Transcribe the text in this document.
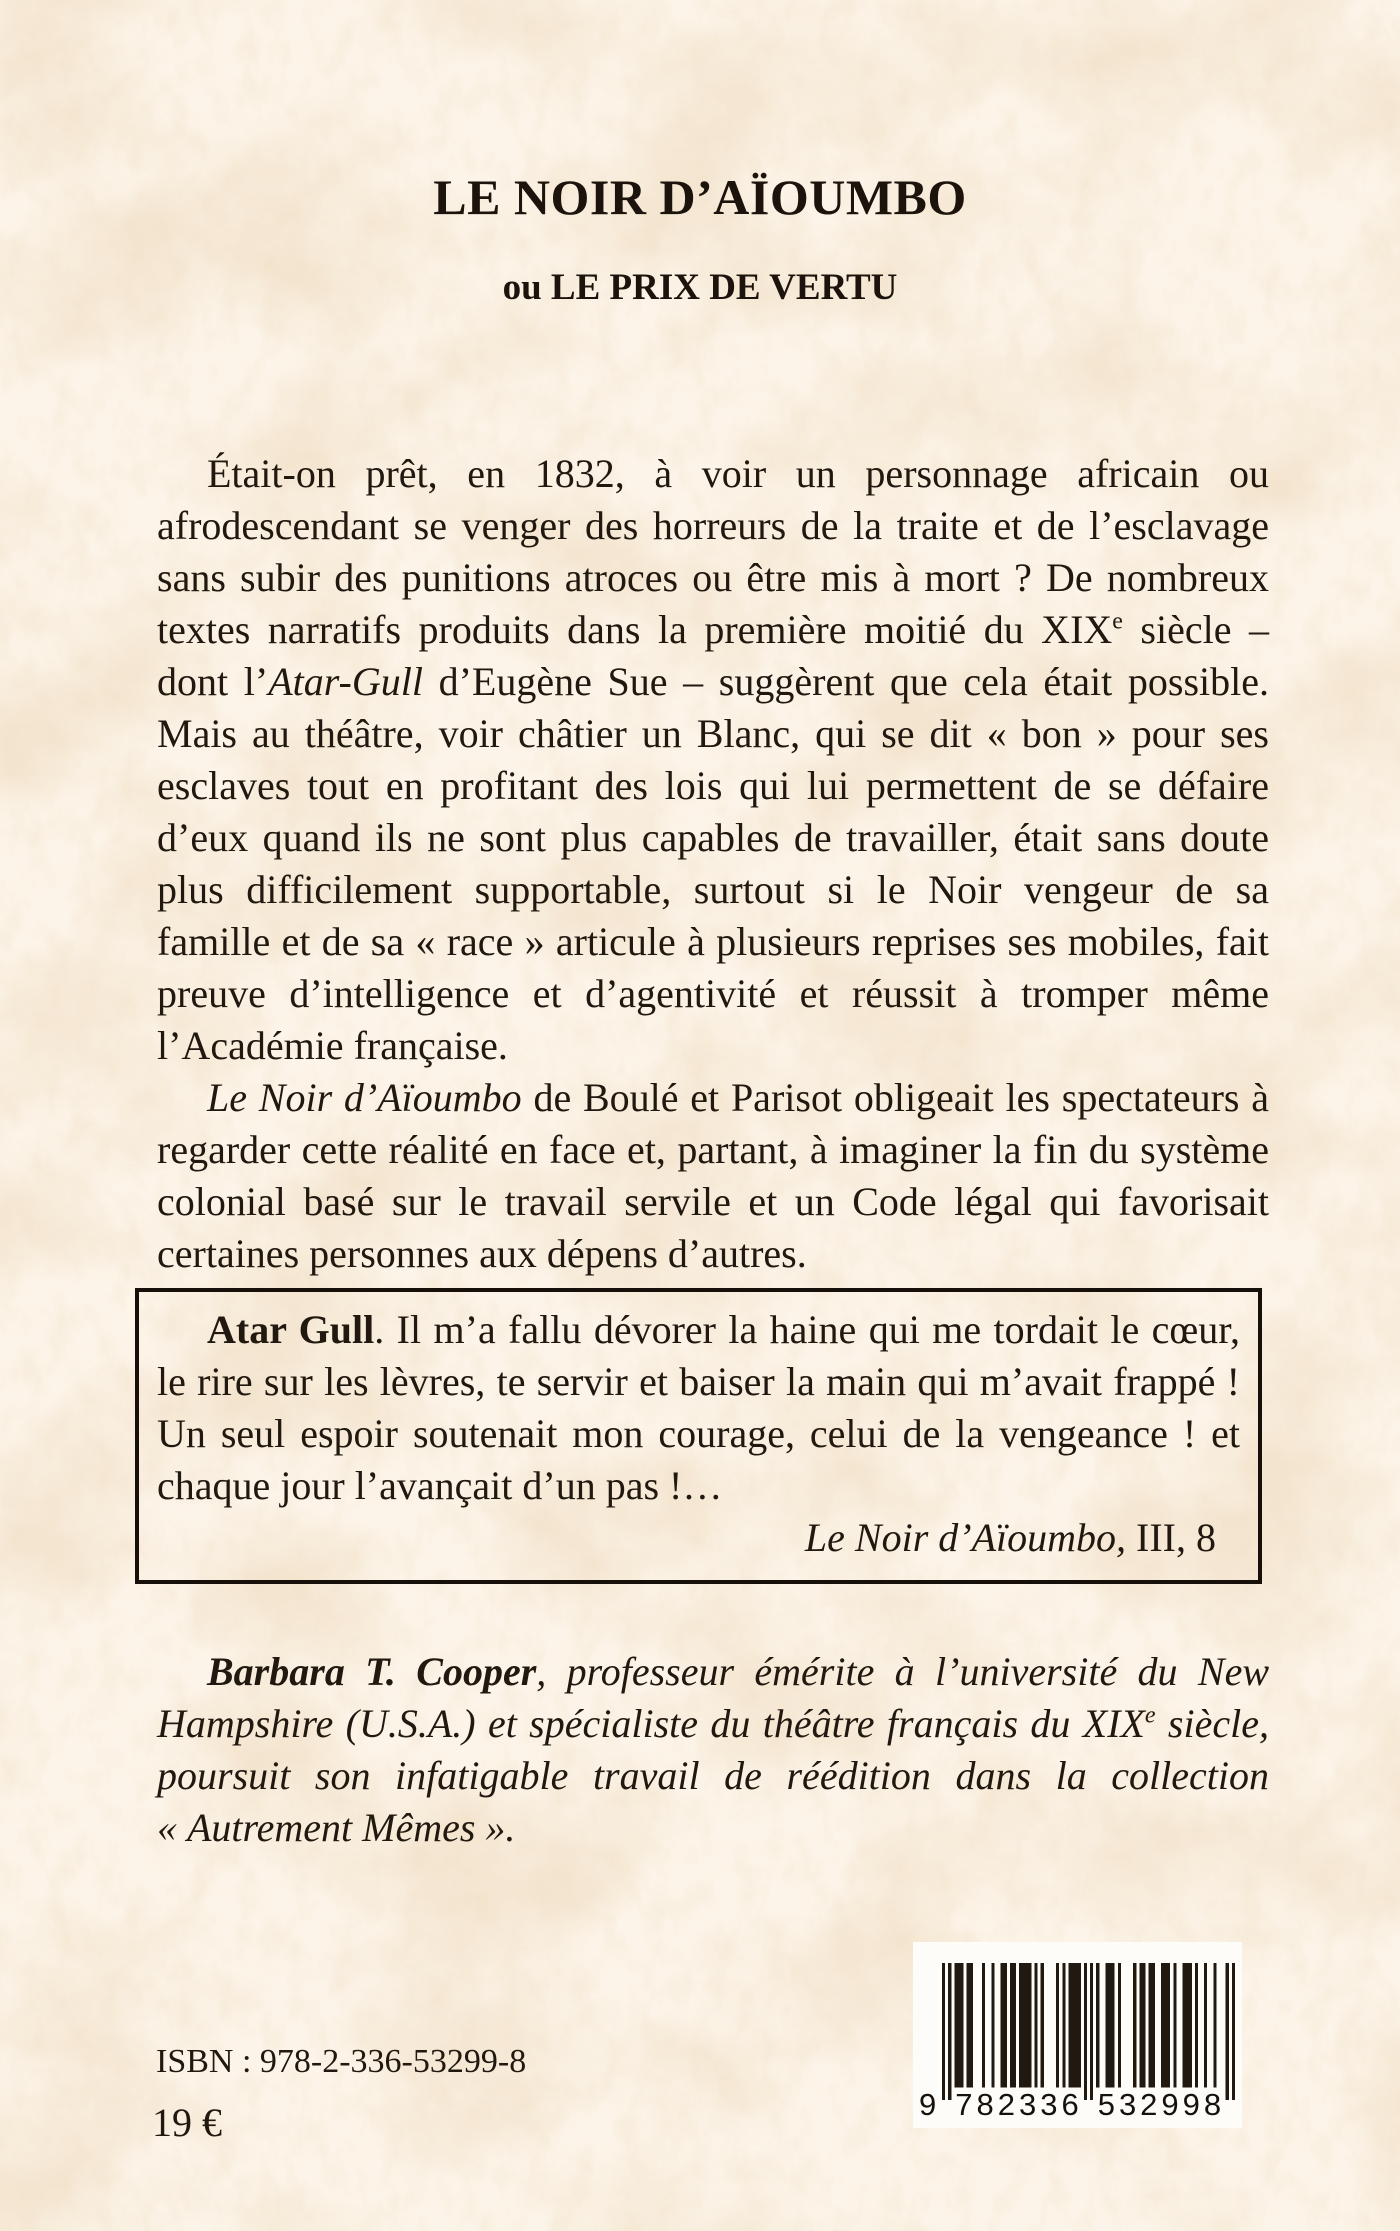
LE NOIR D’AÏOUMBO
ou LE PRIX DE VERTU

Était-on prêt, en 1832, à voir un personnage africain ou afrodescendant se venger des horreurs de la traite et de l’esclavage sans subir des punitions atroces ou être mis à mort ? De nombreux textes narratifs produits dans la première moitié du XIXe siècle – dont l’Atar-Gull d’Eugène Sue – suggèrent que cela était possible. Mais au théâtre, voir châtier un Blanc, qui se dit « bon » pour ses esclaves tout en profitant des lois qui lui permettent de se défaire d’eux quand ils ne sont plus capables de travailler, était sans doute plus difficilement supportable, surtout si le Noir vengeur de sa famille et de sa « race » articule à plusieurs reprises ses mobiles, fait preuve d’intelligence et d’agentivité et réussit à tromper même l’Académie française.

Le Noir d’Aïoumbo de Boulé et Parisot obligeait les spectateurs à regarder cette réalité en face et, partant, à imaginer la fin du système colonial basé sur le travail servile et un Code légal qui favorisait certaines personnes aux dépens d’autres.

Atar Gull. Il m’a fallu dévorer la haine qui me tordait le cœur, le rire sur les lèvres, te servir et baiser la main qui m’avait frappé ! Un seul espoir soutenait mon courage, celui de la vengeance ! et chaque jour l’avançait d’un pas !…

Le Noir d’Aïoumbo, III, 8

Barbara T. Cooper, professeur émérite à l’université du New Hampshire (U.S.A.) et spécialiste du théâtre français du XIXe siècle, poursuit son infatigable travail de réédition dans la collection « Autrement Mêmes ».

ISBN : 978-2-336-53299-8
19 €	9 782336 532998
